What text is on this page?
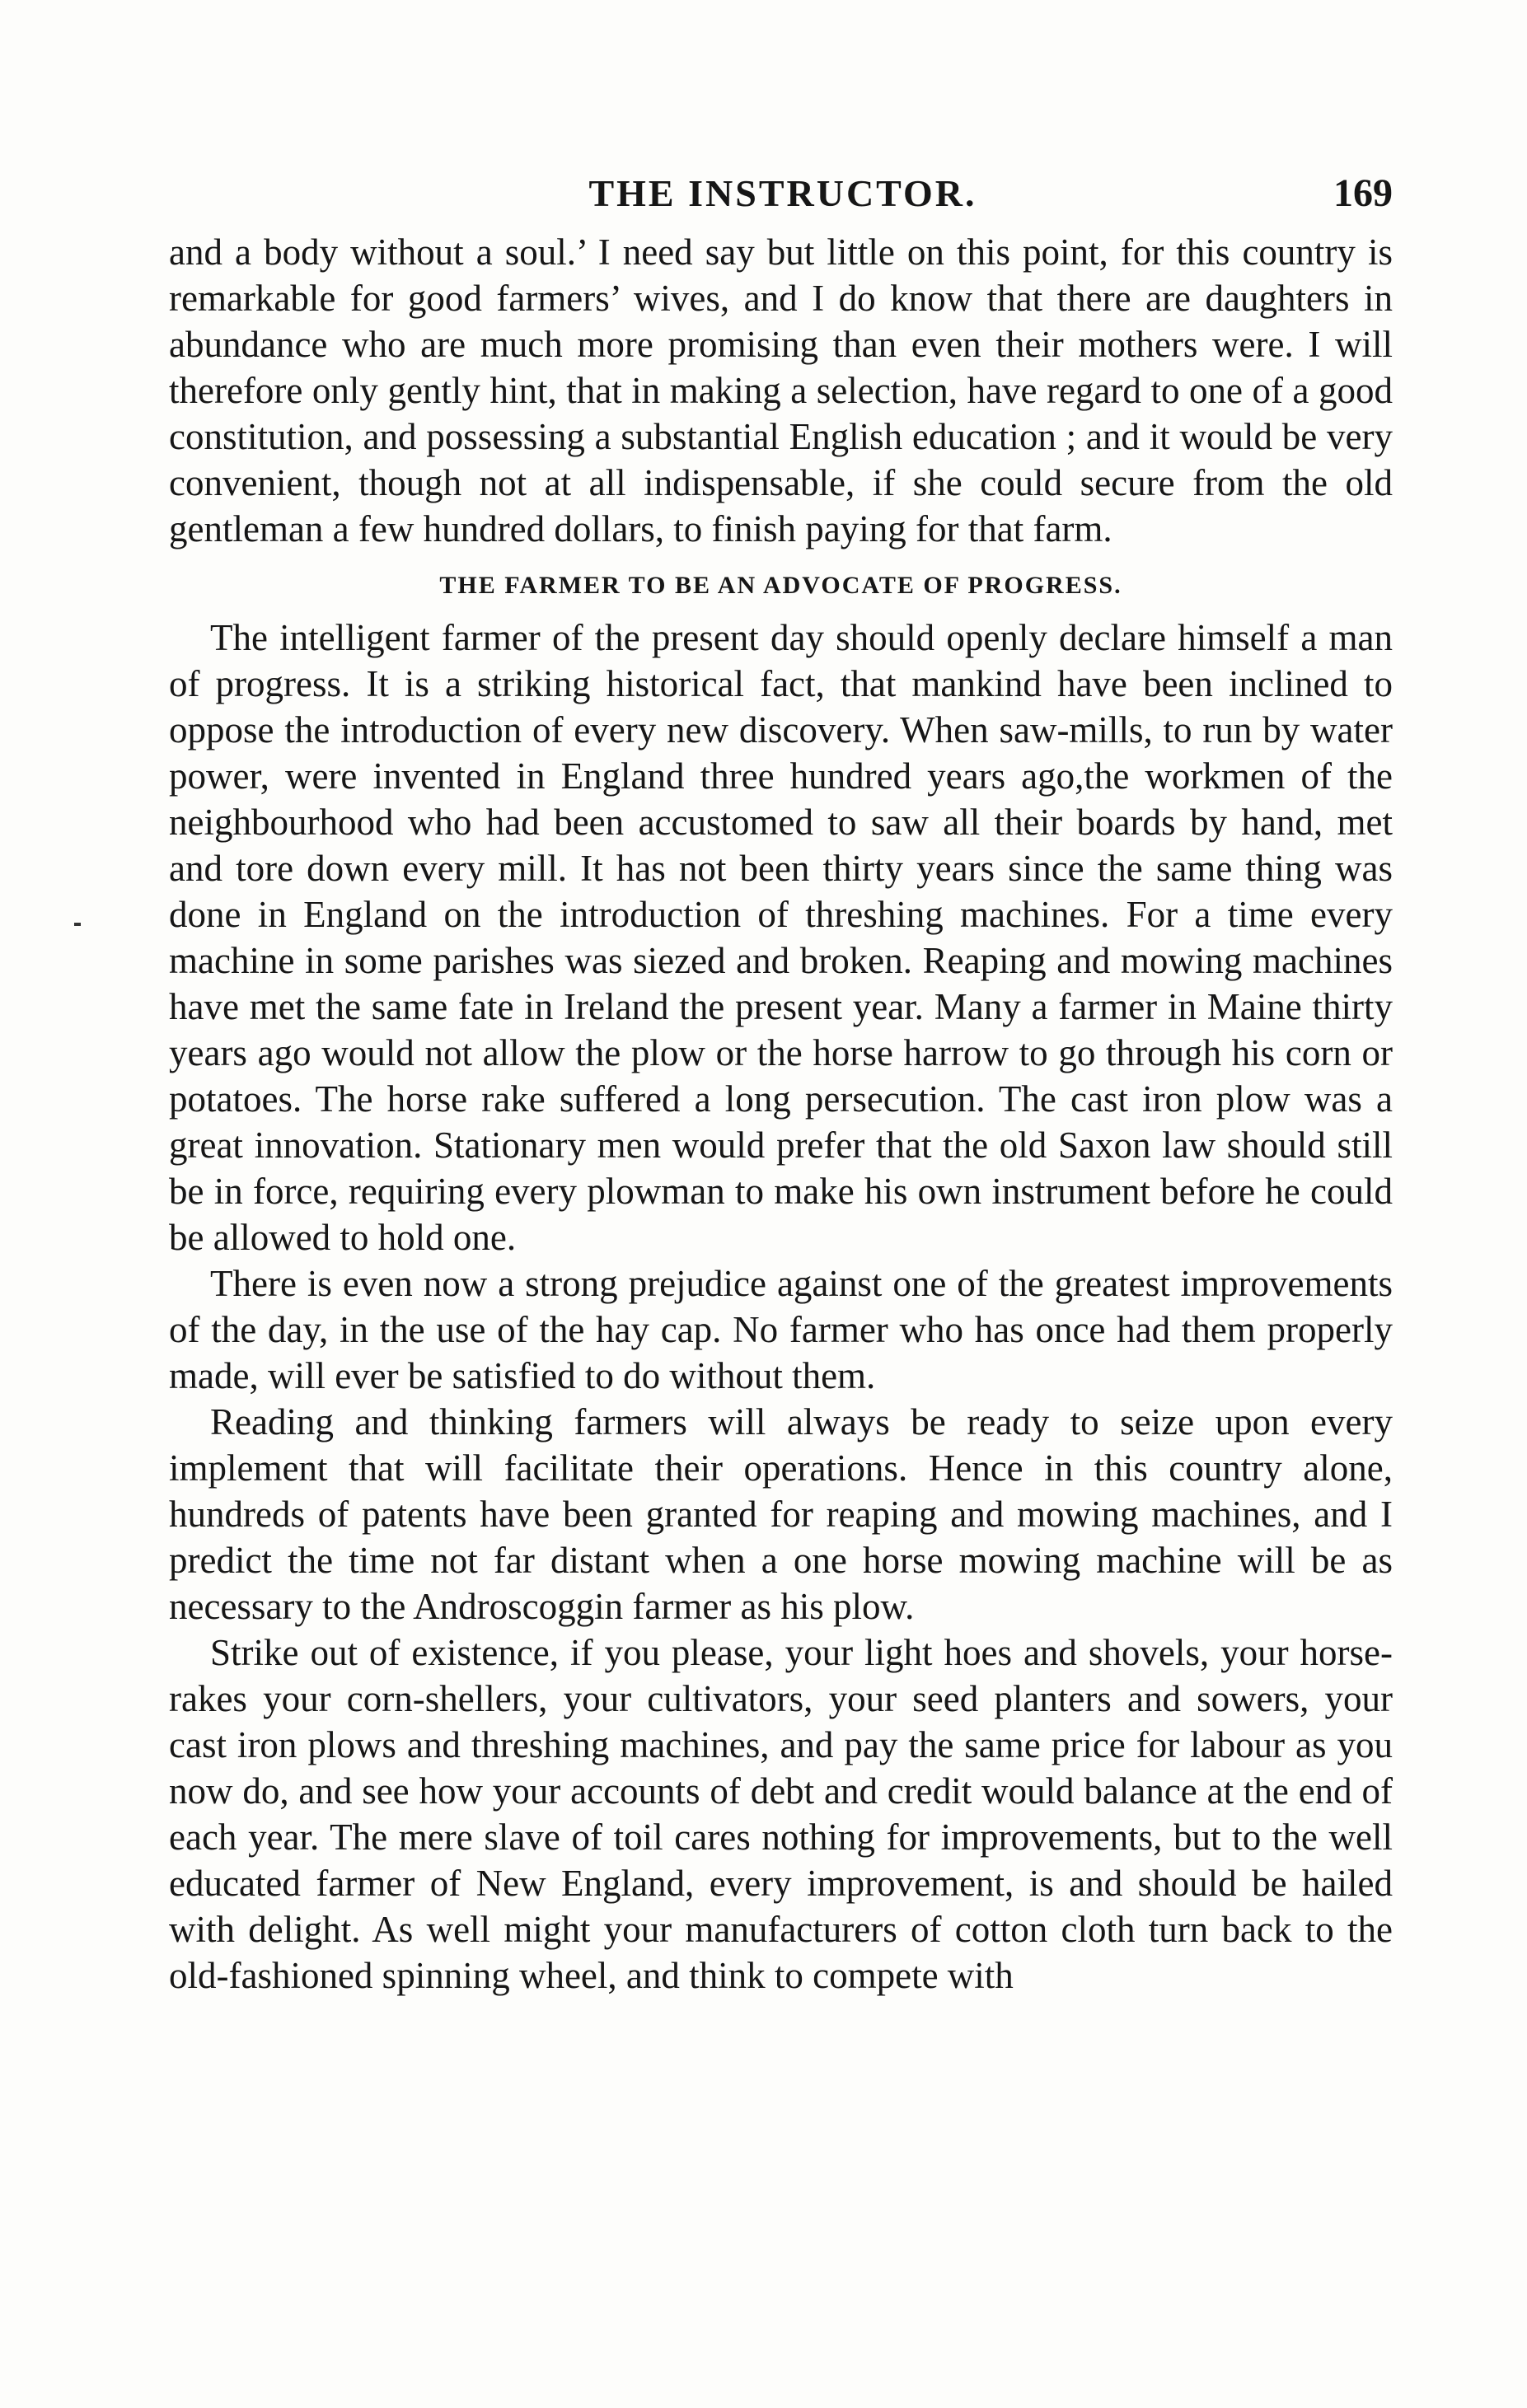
THE INSTRUCTOR.	169

and a body without a soul.’ I need say but little on this point, for this country is remarkable for good farmers’ wives, and I do know that there are daughters in abundance who are much more promising than even their mothers were. I will therefore only gently hint, that in making a selection, have regard to one of a good constitution, and possessing a substantial English education ; and it would be very convenient, though not at all indispensable, if she could secure from the old gentleman a few hundred dollars, to finish paying for that farm.

THE FARMER TO BE AN ADVOCATE OF PROGRESS.

The intelligent farmer of the present day should openly declare himself a man of progress. It is a striking historical fact, that mankind have been inclined to oppose the introduction of every new discovery. When saw-mills, to run by water power, were invented in England three hundred years ago,the workmen of the neighbourhood who had been accustomed to saw all their boards by hand, met and tore down every mill. It has not been thirty years since the same thing was done in England on the introduction of threshing machines. For a time every machine in some parishes was siezed and broken. Reaping and mowing machines have met the same fate in Ireland the present year. Many a farmer in Maine thirty years ago would not allow the plow or the horse harrow to go through his corn or potatoes. The horse rake suffered a long persecution. The cast iron plow was a great innovation. Stationary men would prefer that the old Saxon law should still be in force, requiring every plowman to make his own instrument before he could be allowed to hold one.

There is even now a strong prejudice against one of the greatest improvements of the day, in the use of the hay cap. No farmer who has once had them properly made, will ever be satisfied to do without them.

Reading and thinking farmers will always be ready to seize upon every implement that will facilitate their operations. Hence in this country alone, hundreds of patents have been granted for reaping and mowing machines, and I predict the time not far distant when a one horse mowing machine will be as necessary to the Androscoggin farmer as his plow.

Strike out of existence, if you please, your light hoes and shovels, your horse-rakes your corn-shellers, your cultivators, your seed planters and sowers, your cast iron plows and threshing machines, and pay the same price for labour as you now do, and see how your accounts of debt and credit would balance at the end of each year. The mere slave of toil cares nothing for improvements, but to the well educated farmer of New England, every improvement, is and should be hailed with delight. As well might your manufacturers of cotton cloth turn back to the old-fashioned spinning wheel, and think to compete with
